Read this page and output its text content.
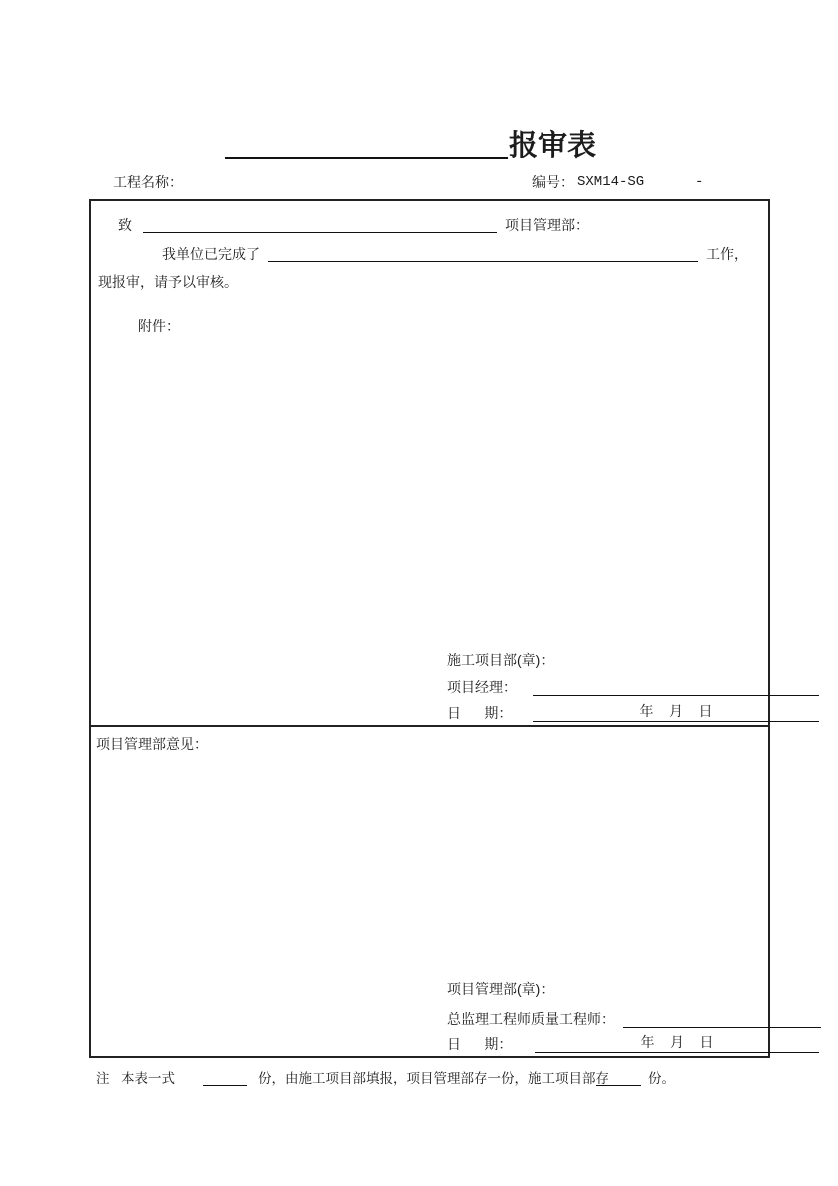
报审表
工程名称：	编号： SXM14-SG	-
致	项目管理部：
我单位已完成了	工作，
现报审，请予以审核。
附件：
施工项目部(章)：
项目经理：
日      期：	年    月    日
项目管理部意见：
项目管理部(章)：
总监理工程师质量工程师：
日      期：	年    月    日
注 本表一式	份，由施工项目部填报，项目管理部存一份，施工项目部存	份。
